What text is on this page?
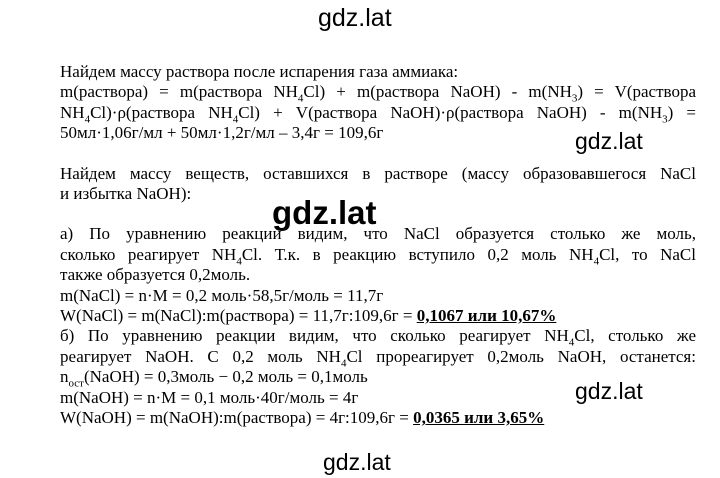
gdz.lat
gdz.lat
gdz.lat
gdz.lat
gdz.lat

Найдем массу раствора после испарения газа аммиака:

m(раствора) = m(раствора $NH_4Cl$) + m(раствора NaOH) - $m(NH_3)$ = V(раствора

$NH_4Cl)\cdot\rho(раствора$ $NH_4Cl$) + V(раствора NaOH)·ρ(раствора NaOH) - $m(NH_3)$ =

50мл·1,06г/мл + 50мл·1,2г/мл – 3,4г = 109,6г

Найдем массу веществ, оставшихся в растворе (массу образовавшегося NaCl

и избытка NaOH):

а) По уравнению реакции видим, что NaCl образуется столько же моль,

сколько реагирует $NH_4Cl$. Т.к. в реакцию вступило 0,2 моль $NH_4Cl$, то NaCl

также образуется 0,2моль.

m(NaCl) = n·M = 0,2 моль·58,5г/моль = 11,7г

W(NaCl) = m(NaCl):m(раствора) = 11,7г:109,6г = 0,1067 или 10,67%

б) По уравнению реакции видим, что сколько реагирует $NH_4Cl$, столько же

реагирует NaOH. С 0,2 моль $NH_4Cl$ прореагирует 0,2моль NaOH, останется:

$n_{ост}(NaOH)$ = 0,3моль − 0,2 моль = 0,1моль

m(NaOH) = n·M = 0,1 моль·40г/моль = 4г

W(NaOH) = m(NaOH):m(раствора) = 4г:109,6г = 0,0365 или 3,65%
